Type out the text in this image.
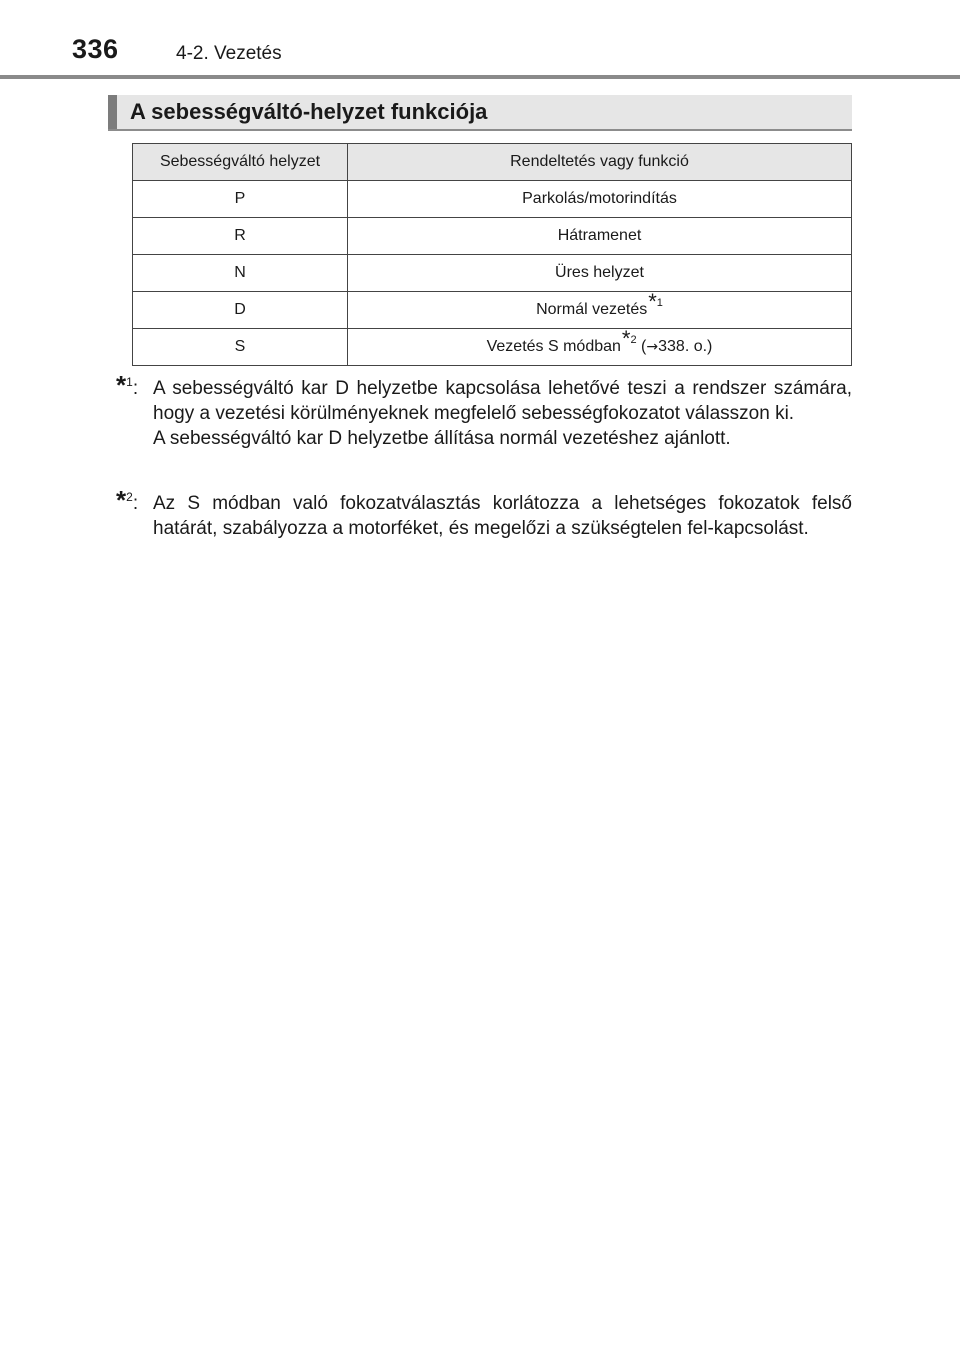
336	4-2. Vezetés
A sebességváltó-helyzet funkciója
Sebességváltó helyzet	Rendeltetés vagy funkció
P	Parkolás/motorindítás
R	Hátramenet
N	Üres helyzet
D	Normál vezetés*$^1$
S	Vezetés S módban*$^2$ (→338. o.)
*$^1$: A sebességváltó kar D helyzetbe kapcsolása lehetővé teszi a rendszer számára, hogy a vezetési körülményeknek megfelelő sebességfokozatot válasszon ki.

A sebességváltó kar D helyzetbe állítása normál vezetéshez ajánlott.

*$^2$: Az S módban való fokozatválasztás korlátozza a lehetséges fokozatok felső határát, szabályozza a motorféket, és megelőzi a szükségtelen fel-kapcsolást.
